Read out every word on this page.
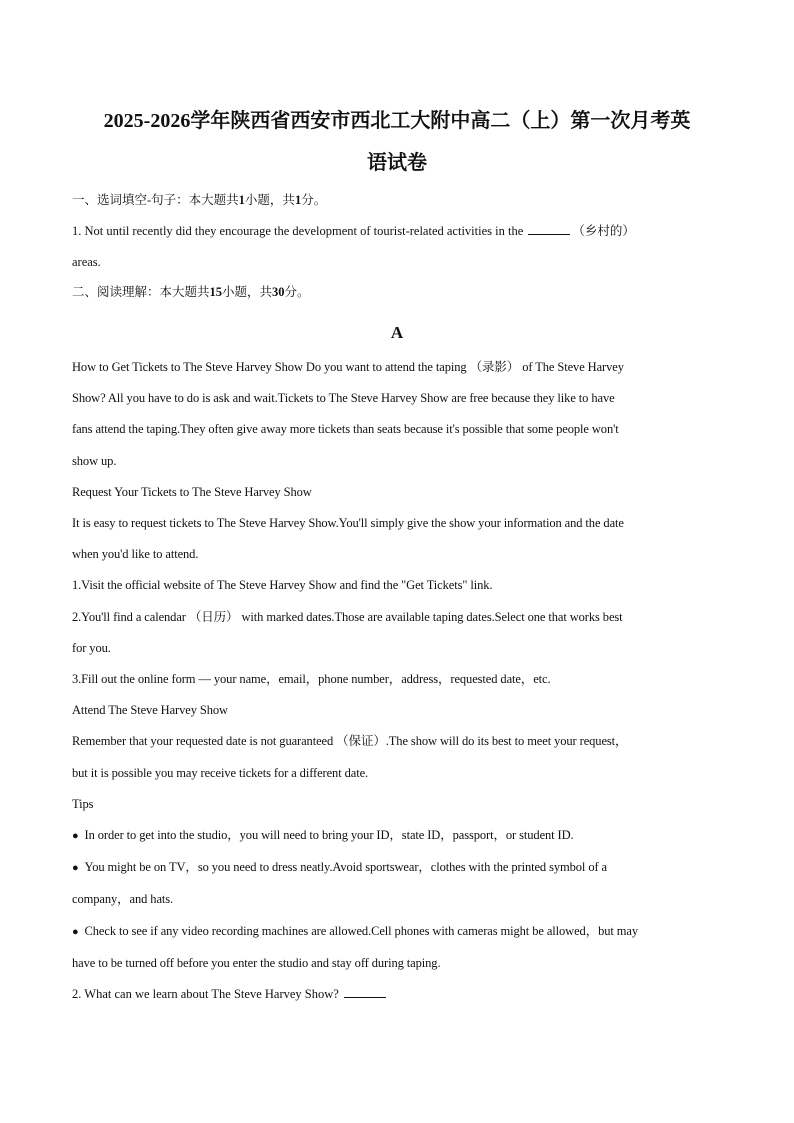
2025-2026学年陕西省西安市西北工大附中高二（上）第一次月考英
语试卷
一、选词填空-句子：本大题共1小题，共1分。
1. Not until recently did they encourage the development of tourist-related activities in the	（乡村的）
areas.
二、阅读理解：本大题共15小题，共30分。
A

How to Get Tickets to The Steve Harvey Show Do you want to attend the taping （录影） of The Steve Harvey

Show? All you have to do is ask and wait.Tickets to The Steve Harvey Show are free because they like to have

fans attend the taping.They often give away more tickets than seats because it's possible that some people won't

show up.

Request Your Tickets to The Steve Harvey Show

It is easy to request tickets to The Steve Harvey Show.You'll simply give the show your information and the date

when you'd like to attend.

1.Visit the official website of The Steve Harvey Show and find the "Get Tickets" link.

2.You'll find a calendar （日历） with marked dates.Those are available taping dates.Select one that works best

for you.

3.Fill out the online form — your name，email，phone number，address，requested date，etc.

Attend The Steve Harvey Show

Remember that your requested date is not guaranteed （保证）.The show will do its best to meet your request，

but it is possible you may receive tickets for a different date.

Tips

● In order to get into the studio，you will need to bring your ID，state ID，passport，or student ID.

● You might be on TV，so you need to dress neatly.Avoid sportswear，clothes with the printed symbol of a

company，and hats.

● Check to see if any video recording machines are allowed.Cell phones with cameras might be allowed，but may

have to be turned off before you enter the studio and stay off during taping.

2. What can we learn about The Steve Harvey Show?
